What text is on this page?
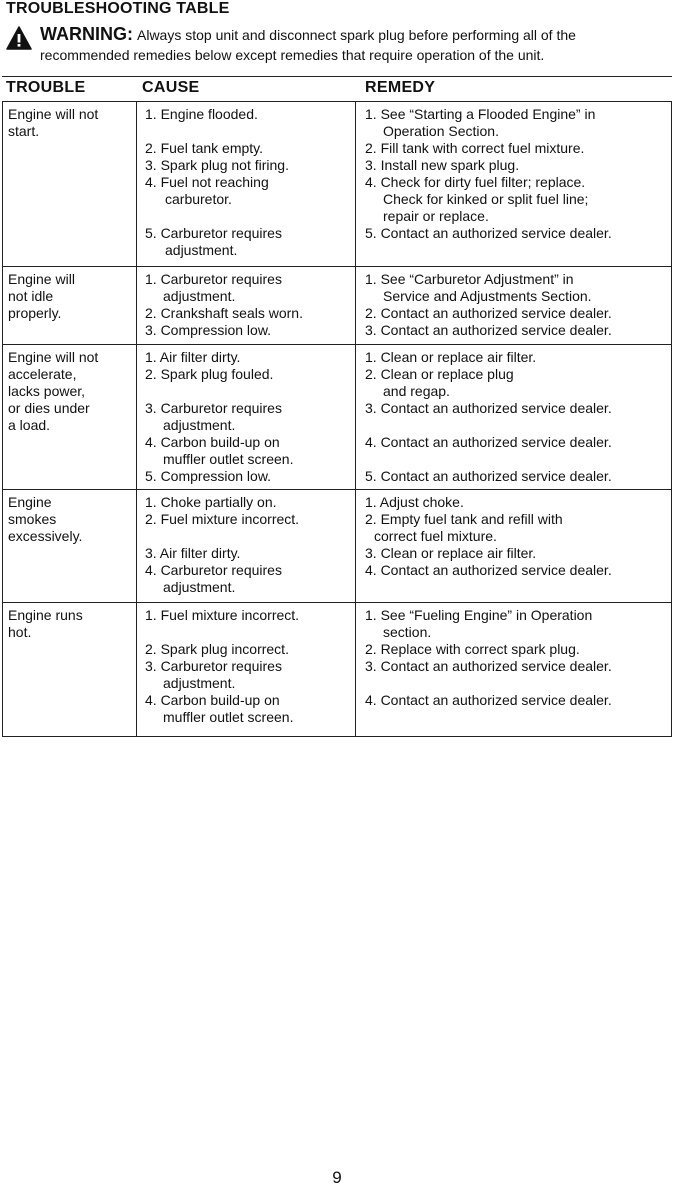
TROUBLESHOOTING TABLE
WARNING: Always stop unit and disconnect spark plug before performing all of the
recommended remedies below except remedies that require operation of the unit.
TROUBLE	CAUSE	REMEDY
Engine will not
start.
1. Engine flooded.
2. Fuel tank empty.
3. Spark plug not firing.
4. Fuel not reaching
carburetor.
5. Carburetor requires
adjustment.
1. See “Starting a Flooded Engine” in
Operation Section.
2. Fill tank with correct fuel mixture.
3. Install new spark plug.
4. Check for dirty fuel filter; replace.
Check for kinked or split fuel line;
repair or replace.
5. Contact an authorized service dealer.
Engine will
not idle
properly.
1. Carburetor requires
adjustment.
2. Crankshaft seals worn.
3. Compression low.
1. See “Carburetor Adjustment” in
Service and Adjustments Section.
2. Contact an authorized service dealer.
3. Contact an authorized service dealer.
Engine will not
accelerate,
lacks power,
or dies under
a load.
1. Air filter dirty.
2. Spark plug fouled.
3. Carburetor requires
adjustment.
4. Carbon build-up on
muffler outlet screen.
5. Compression low.
1. Clean or replace air filter.
2. Clean or replace plug
and regap.
3. Contact an authorized service dealer.
4. Contact an authorized service dealer.
5. Contact an authorized service dealer.
Engine
smokes
excessively.
1. Choke partially on.
2. Fuel mixture incorrect.
3. Air filter dirty.
4. Carburetor requires
adjustment.
1. Adjust choke.
2. Empty fuel tank and refill with
correct fuel mixture.
3. Clean or replace air filter.
4. Contact an authorized service dealer.
Engine runs
hot.
1. Fuel mixture incorrect.
2. Spark plug incorrect.
3. Carburetor requires
adjustment.
4. Carbon build-up on
muffler outlet screen.
1. See “Fueling Engine” in Operation
section.
2. Replace with correct spark plug.
3. Contact an authorized service dealer.
4. Contact an authorized service dealer.
9
